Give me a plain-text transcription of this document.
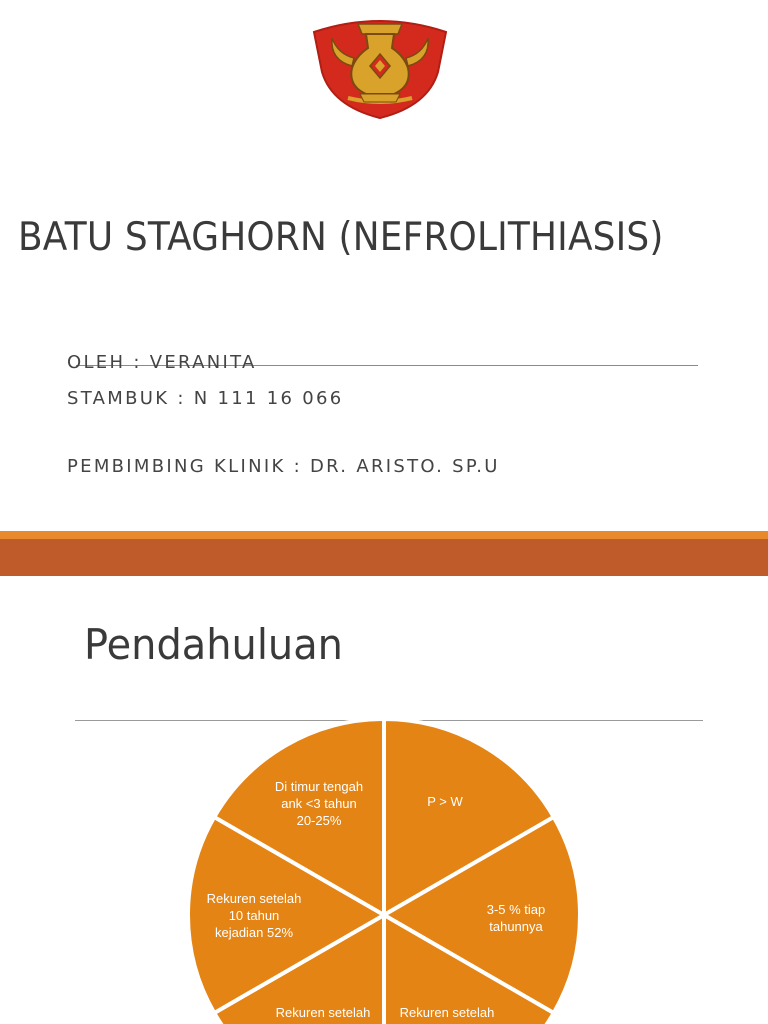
BATU STAGHORN (NEFROLITHIASIS)
OLEH : VERANITA
STAMBUK : N 111 16 066
PEMBIMBING KLINIK : DR. ARISTO. SP.U
Pendahuluan
P > W
3-5 % tiap
tahunnya
Rekuren setelah
Rekuren setelah
Rekuren setelah
10 tahun
kejadian 52%
Di timur tengah
ank <3 tahun
20-25%
